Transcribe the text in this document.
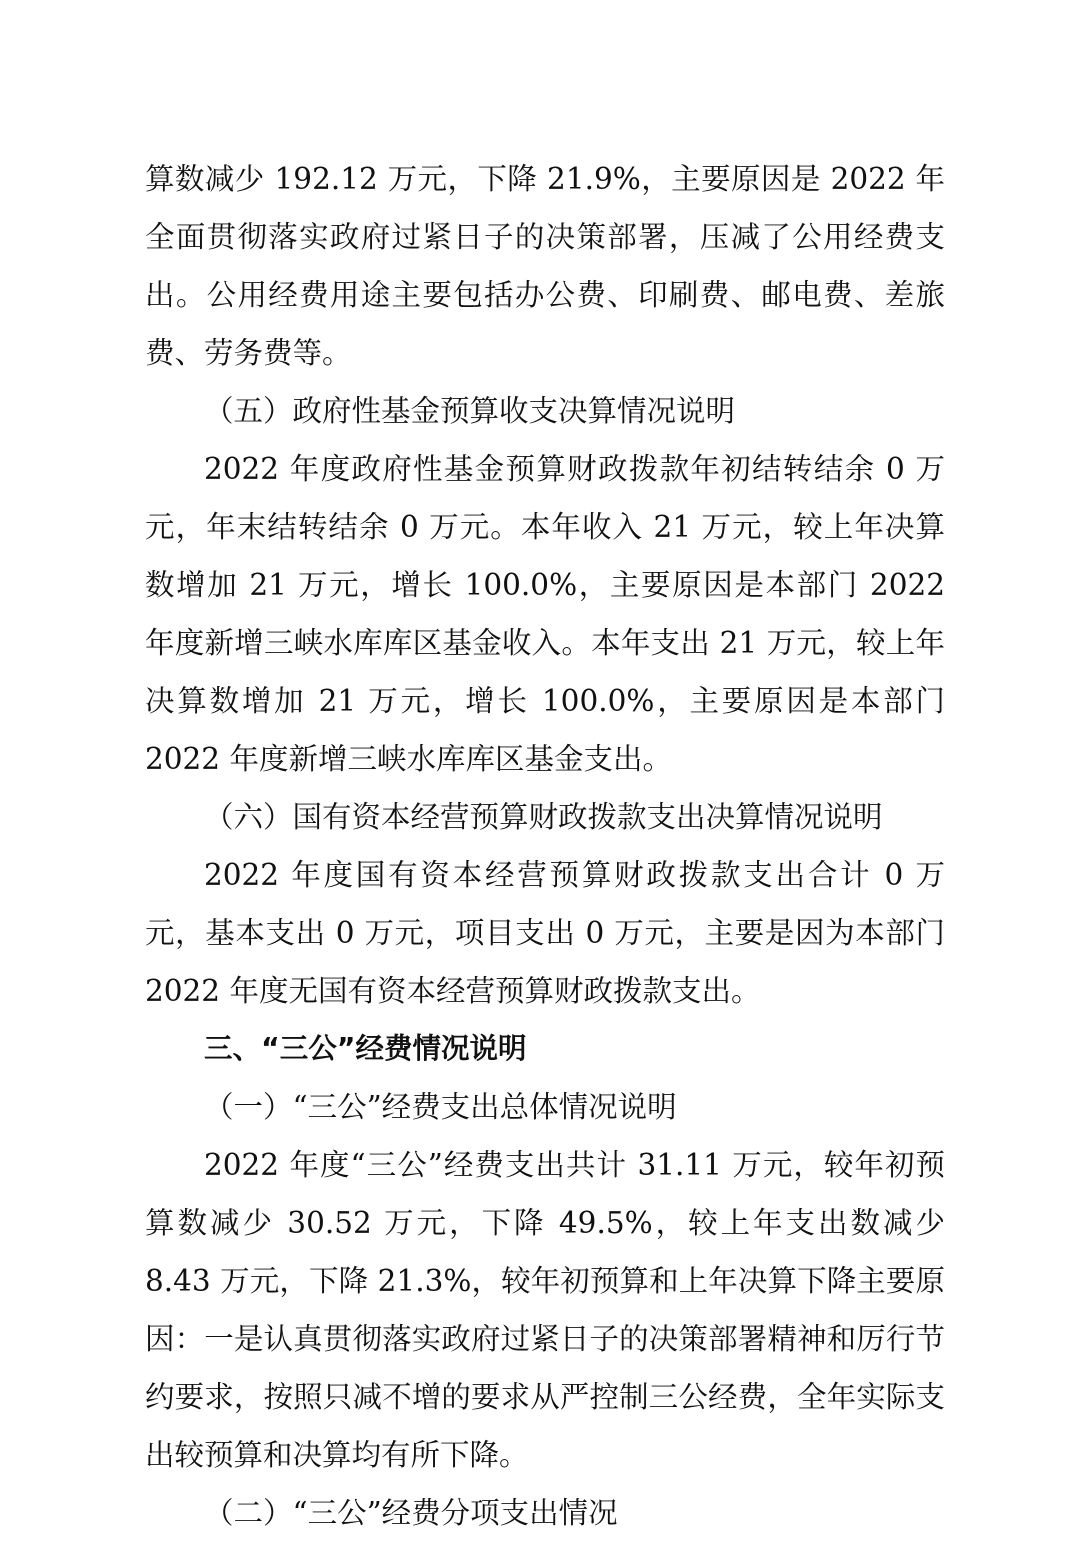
算数减少 192.12 万元，下降 21.9%，主要原因是 2022 年全面贯彻落实政府过紧日子的决策部署，压减了公用经费支出。公用经费用途主要包括办公费、印刷费、邮电费、差旅费、劳务费等。

（五）政府性基金预算收支决算情况说明

2022 年度政府性基金预算财政拨款年初结转结余 0 万元，年末结转结余 0 万元。本年收入 21 万元，较上年决算数增加 21 万元，增长 100.0%，主要原因是本部门 2022 年度新增三峡水库库区基金收入。本年支出 21 万元，较上年决算数增加 21 万元，增长 100.0%，主要原因是本部门 2022 年度新增三峡水库库区基金支出。

（六）国有资本经营预算财政拨款支出决算情况说明

2022 年度国有资本经营预算财政拨款支出合计 0 万元，基本支出 0 万元，项目支出 0 万元，主要是因为本部门 2022 年度无国有资本经营预算财政拨款支出。

三、“三公”经费情况说明

（一）“三公”经费支出总体情况说明

2022 年度“三公”经费支出共计 31.11 万元，较年初预算数减少 30.52 万元，下降 49.5%，较上年支出数减少 8.43 万元，下降 21.3%，较年初预算和上年决算下降主要原因：一是认真贯彻落实政府过紧日子的决策部署精神和厉行节约要求，按照只减不增的要求从严控制三公经费，全年实际支出较预算和决算均有所下降。

（二）“三公”经费分项支出情况
